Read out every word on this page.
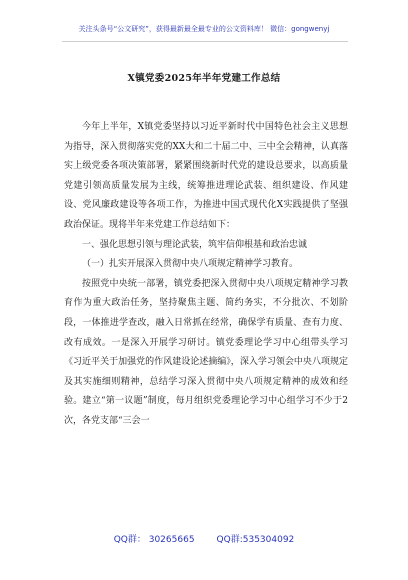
关注头条号“公文研究”，获得最新最全最专业的公文资料库！ 微信：gongwenyj
X镇党委2025年半年党建工作总结

今年上半年，X镇党委坚持以习近平新时代中国特色社会主义思想为指导，深入贯彻落实党的XX大和二十届二中、三中全会精神，认真落实上级党委各项决策部署，紧紧围绕新时代党的建设总要求，以高质量党建引领高质量发展为主线，统筹推进理论武装、组织建设、作风建设、党风廉政建设等各项工作，为推进中国式现代化X实践提供了坚强政治保证。现将半年来党建工作总结如下：

一、强化思想引领与理论武装，筑牢信仰根基和政治忠诚

（一）扎实开展深入贯彻中央八项规定精神学习教育。

按照党中央统一部署，镇党委把深入贯彻中央八项规定精神学习教育作为重大政治任务，坚持聚焦主题、简约务实，不分批次、不划阶段，一体推进学查改，融入日常抓在经常，确保学有质量、查有力度、改有成效。一是深入开展学习研讨。镇党委理论学习中心组带头学习《习近平关于加强党的作风建设论述摘编》，深入学习领会中央八项规定及其实施细则精神，总结学习深入贯彻中央八项规定精神的成效和经验。建立“第一议题”制度，每月组织党委理论学习中心组学习不少于2次，各党支部“三会一

QQ群： 30265665 QQ群:535304092
